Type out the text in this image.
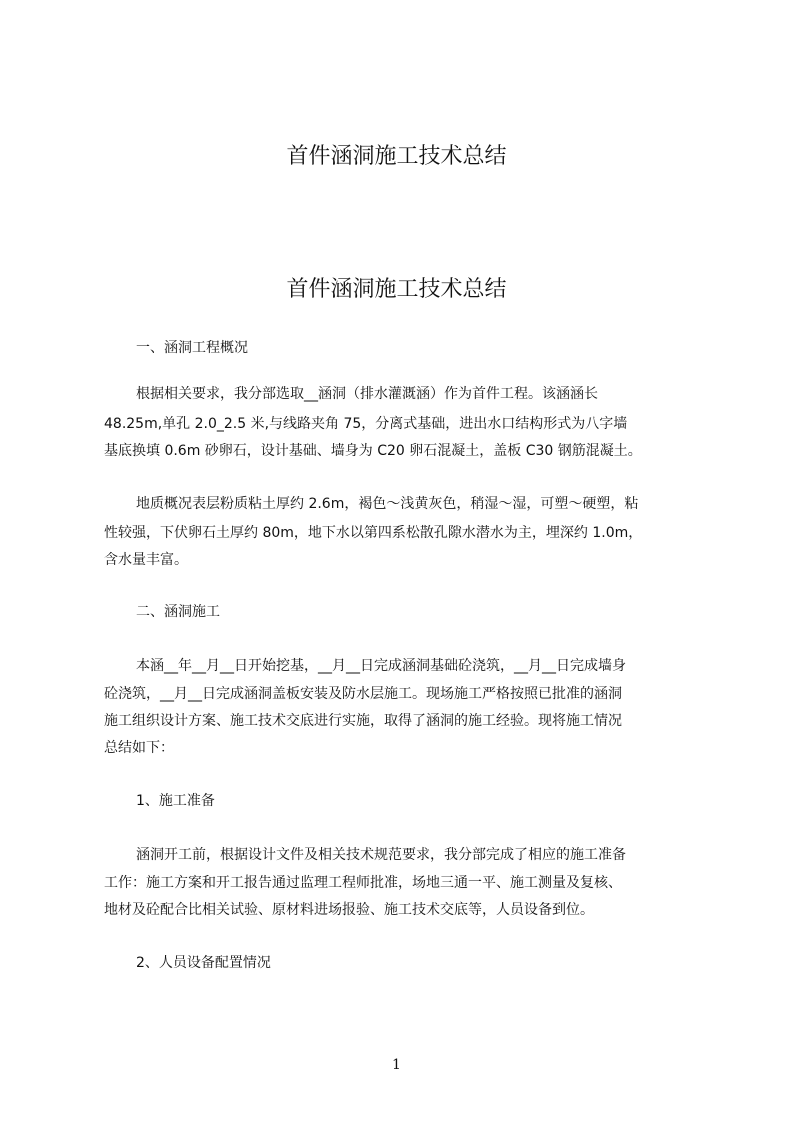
首件涵洞施工技术总结
首件涵洞施工技术总结
一、涵洞工程概况
根据相关要求，我分部选取__涵洞（排水灌溉涵）作为首件工程。该涵涵长
48.25m,单孔 2.0_2.5 米,与线路夹角 75，分离式基础，进出水口结构形式为八字墙
基底换填 0.6m 砂卵石，设计基础、墙身为 C20 卵石混凝土，盖板 C30 钢筋混凝土。
地质概况表层粉质粘土厚约 2.6m，褐色～浅黄灰色，稍湿～湿，可塑～硬塑，粘
性较强，下伏卵石土厚约 80m，地下水以第四系松散孔隙水潜水为主，埋深约 1.0m，
含水量丰富。
二、涵洞施工
本涵__年__月__日开始挖基，__月__日完成涵洞基础砼浇筑，__月__日完成墙身
砼浇筑，__月__日完成涵洞盖板安装及防水层施工。现场施工严格按照已批准的涵洞
施工组织设计方案、施工技术交底进行实施，取得了涵洞的施工经验。现将施工情况
总结如下：
1、施工准备
涵洞开工前，根据设计文件及相关技术规范要求，我分部完成了相应的施工准备
工作：施工方案和开工报告通过监理工程师批准，场地三通一平、施工测量及复核、
地材及砼配合比相关试验、原材料进场报验、施工技术交底等，人员设备到位。
2、人员设备配置情况
1
